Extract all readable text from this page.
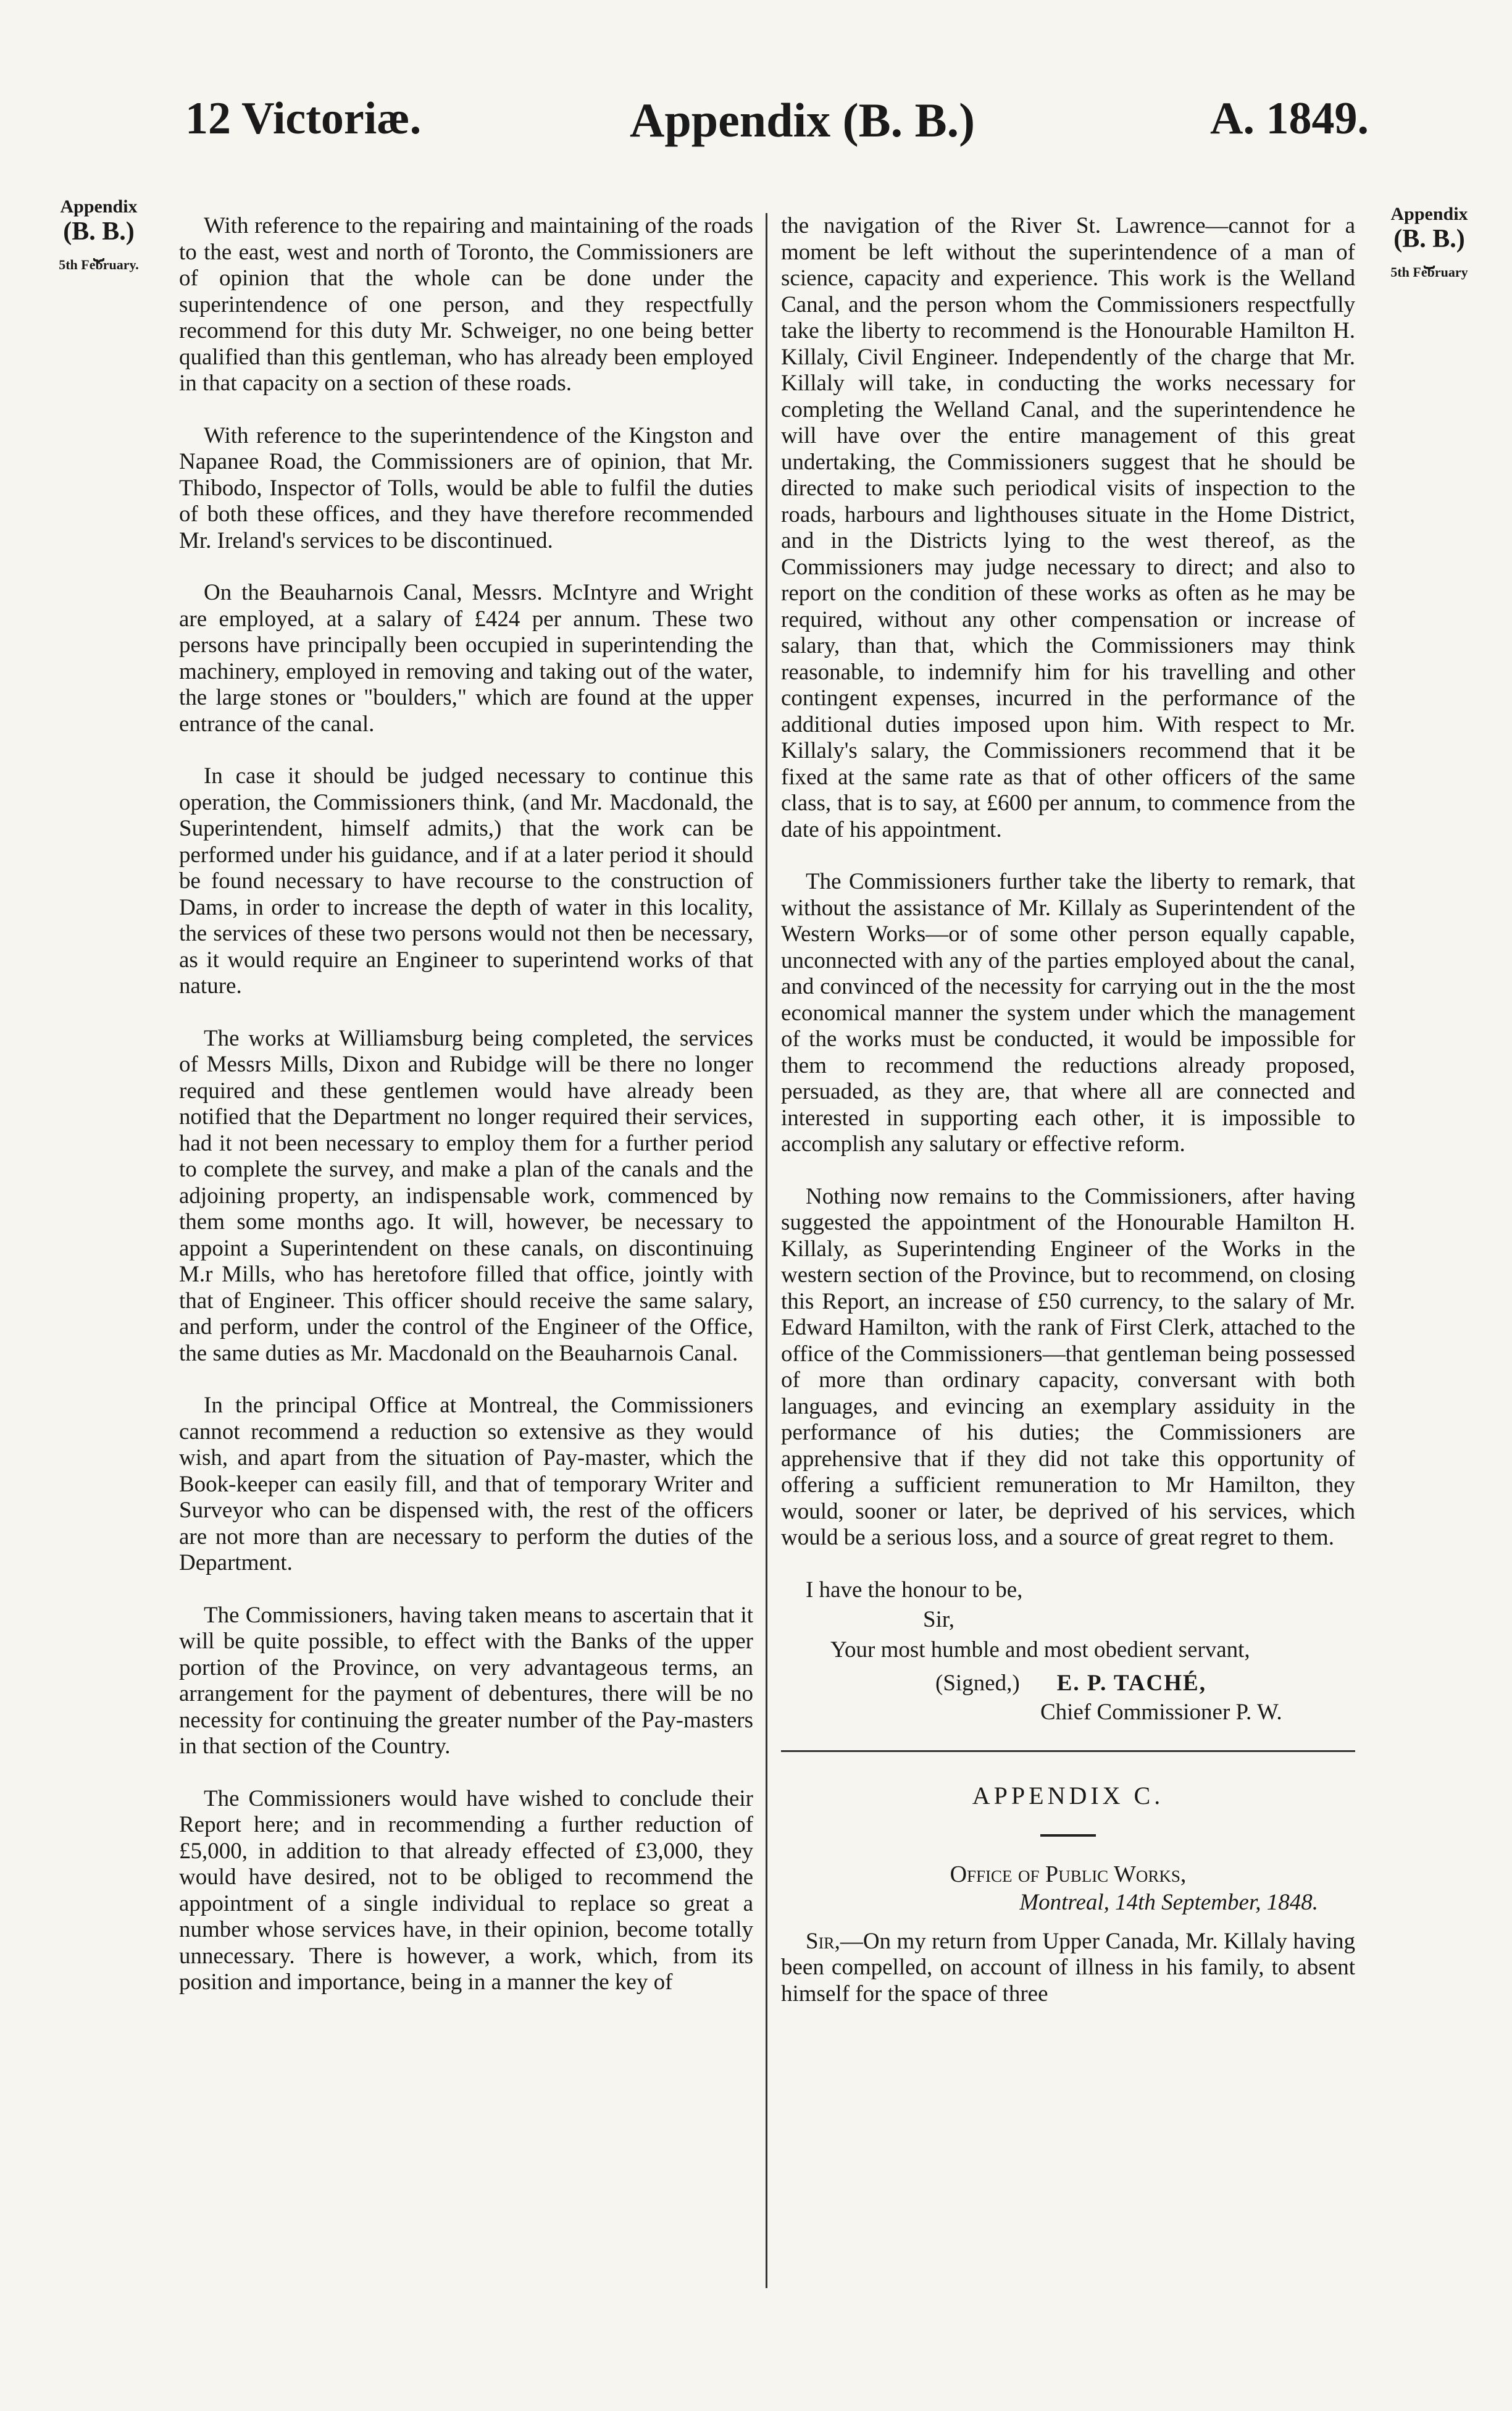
12 Victoriæ.	Appendix (B. B.)	A. 1849.
Appendix
(B. B.)
⏟
5th February.
Appendix
(B. B.)
⏟
5th February

With reference to the repairing and maintaining of the roads to the east, west and north of Toronto, the Commissioners are of opinion that the whole can be done under the superintendence of one person, and they respectfully recommend for this duty Mr. Schweiger, no one being better qualified than this gentleman, who has already been employed in that capacity on a section of these roads.

With reference to the superintendence of the Kingston and Napanee Road, the Commissioners are of opinion, that Mr. Thibodo, Inspector of Tolls, would be able to fulfil the duties of both these offices, and they have therefore recommended Mr. Ireland's services to be discontinued.

On the Beauharnois Canal, Messrs. McIntyre and Wright are employed, at a salary of £424 per annum. These two persons have principally been occupied in superintending the machinery, employed in removing and taking out of the water, the large stones or "boulders," which are found at the upper entrance of the canal.

In case it should be judged necessary to continue this operation, the Commissioners think, (and Mr. Macdonald, the Superintendent, himself admits,) that the work can be performed under his guidance, and if at a later period it should be found necessary to have recourse to the construction of Dams, in order to increase the depth of water in this locality, the services of these two persons would not then be necessary, as it would require an Engineer to superintend works of that nature.

The works at Williamsburg being completed, the services of Messrs Mills, Dixon and Rubidge will be there no longer required and these gentlemen would have already been notified that the Department no longer required their services, had it not been necessary to employ them for a further period to complete the survey, and make a plan of the canals and the adjoining property, an indispensable work, commenced by them some months ago. It will, however, be necessary to appoint a Superintendent on these canals, on discontinuing M.r Mills, who has heretofore filled that office, jointly with that of Engineer. This officer should receive the same salary, and perform, under the control of the Engineer of the Office, the same duties as Mr. Macdonald on the Beauharnois Canal.

In the principal Office at Montreal, the Commissioners cannot recommend a reduction so extensive as they would wish, and apart from the situation of Pay-master, which the Book-keeper can easily fill, and that of temporary Writer and Surveyor who can be dispensed with, the rest of the officers are not more than are necessary to perform the duties of the Department.

The Commissioners, having taken means to ascertain that it will be quite possible, to effect with the Banks of the upper portion of the Province, on very advantageous terms, an arrangement for the payment of debentures, there will be no necessity for continuing the greater number of the Pay-masters in that section of the Country.

The Commissioners would have wished to conclude their Report here; and in recommending a further reduction of £5,000, in addition to that already effected of £3,000, they would have desired, not to be obliged to recommend the appointment of a single individual to replace so great a number whose services have, in their opinion, become totally unnecessary. There is however, a work, which, from its position and importance, being in a manner the key of

the navigation of the River St. Lawrence—cannot for a moment be left without the superintendence of a man of science, capacity and experience. This work is the Welland Canal, and the person whom the Commissioners respectfully take the liberty to recommend is the Honourable Hamilton H. Killaly, Civil Engineer. Independently of the charge that Mr. Killaly will take, in conducting the works necessary for completing the Welland Canal, and the superintendence he will have over the entire management of this great undertaking, the Commissioners suggest that he should be directed to make such periodical visits of inspection to the roads, harbours and lighthouses situate in the Home District, and in the Districts lying to the west thereof, as the Commissioners may judge necessary to direct; and also to report on the condition of these works as often as he may be required, without any other compensation or increase of salary, than that, which the Commissioners may think reasonable, to indemnify him for his travelling and other contingent expenses, incurred in the performance of the additional duties imposed upon him. With respect to Mr. Killaly's salary, the Commissioners recommend that it be fixed at the same rate as that of other officers of the same class, that is to say, at £600 per annum, to commence from the date of his appointment.

The Commissioners further take the liberty to remark, that without the assistance of Mr. Killaly as Superintendent of the Western Works—or of some other person equally capable, unconnected with any of the parties employed about the canal, and convinced of the necessity for carrying out in the the most economical manner the system under which the management of the works must be conducted, it would be impossible for them to recommend the reductions already proposed, persuaded, as they are, that where all are connected and interested in supporting each other, it is impossible to accomplish any salutary or effective reform.

Nothing now remains to the Commissioners, after having suggested the appointment of the Honourable Hamilton H. Killaly, as Superintending Engineer of the Works in the western section of the Province, but to recommend, on closing this Report, an increase of £50 currency, to the salary of Mr. Edward Hamilton, with the rank of First Clerk, attached to the office of the Commissioners—that gentleman being possessed of more than ordinary capacity, conversant with both languages, and evincing an exemplary assiduity in the performance of his duties; the Commissioners are apprehensive that if they did not take this opportunity of offering a sufficient remuneration to Mr Hamilton, they would, sooner or later, be deprived of his services, which would be a serious loss, and a source of great regret to them.

I have the honour to be,
Sir,
Your most humble and most obedient servant,
(Signed,) E. P. TACHÉ,
Chief Commissioner P. W.
APPENDIX C.
Office of Public Works,
Montreal, 14th September, 1848.

Sir,—On my return from Upper Canada, Mr. Killaly having been compelled, on account of illness in his family, to absent himself for the space of three
